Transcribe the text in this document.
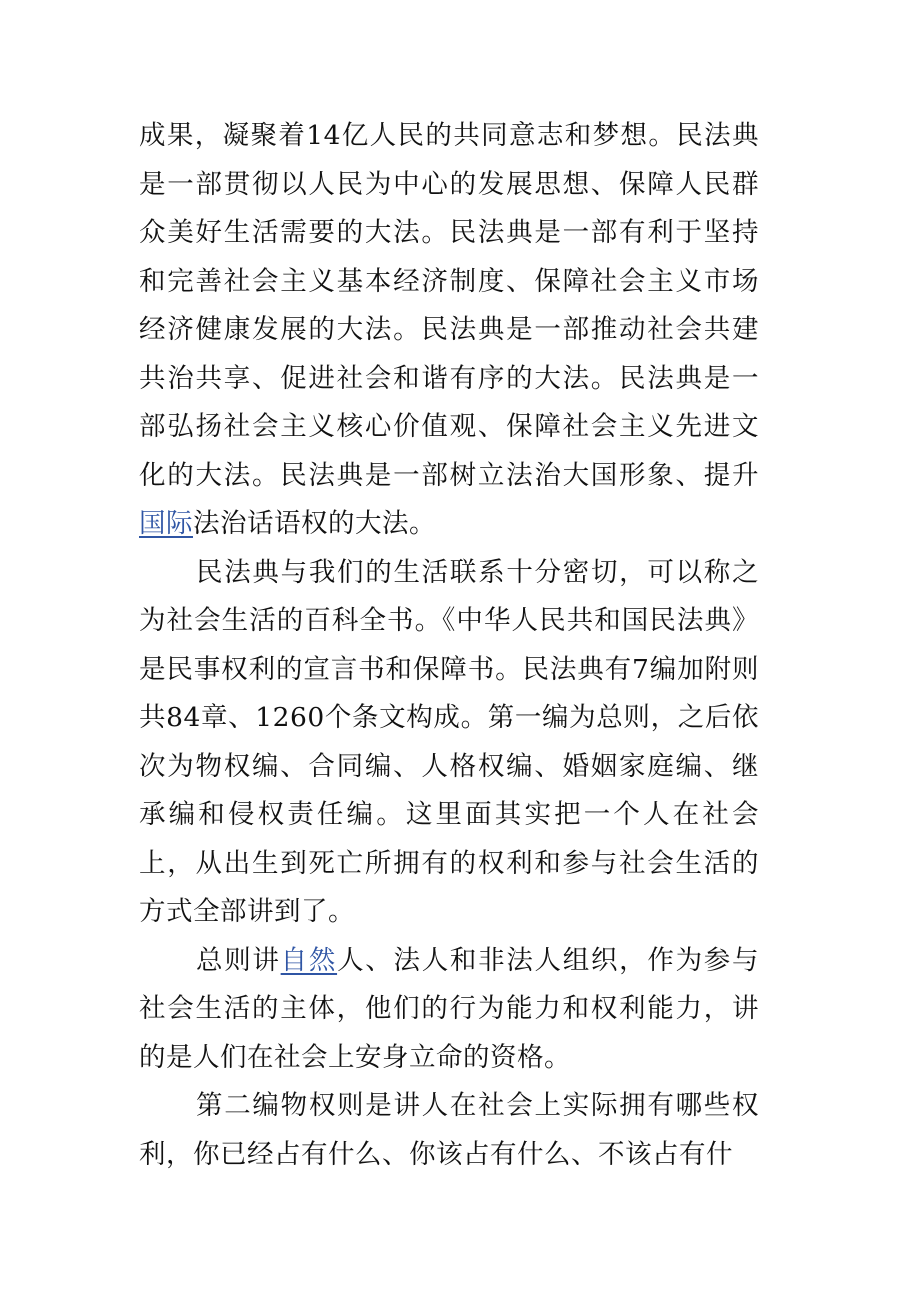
成果，凝聚着14亿人民的共同意志和梦想。民法典是一部贯彻以人民为中心的发展思想、保障人民群众美好生活需要的大法。民法典是一部有利于坚持和完善社会主义基本经济制度、保障社会主义市场经济健康发展的大法。民法典是一部推动社会共建共治共享、促进社会和谐有序的大法。民法典是一部弘扬社会主义核心价值观、保障社会主义先进文化的大法。民法典是一部树立法治大国形象、提升国际法治话语权的大法。

民法典与我们的生活联系十分密切，可以称之为社会生活的百科全书。《中华人民共和国民法典》是民事权利的宣言书和保障书。民法典有7编加附则共84章、1260个条文构成。第一编为总则，之后依次为物权编、合同编、人格权编、婚姻家庭编、继承编和侵权责任编。这里面其实把一个人在社会上，从出生到死亡所拥有的权利和参与社会生活的方式全部讲到了。

总则讲自然人、法人和非法人组织，作为参与社会生活的主体，他们的行为能力和权利能力，讲的是人们在社会上安身立命的资格。

第二编物权则是讲人在社会上实际拥有哪些权利，你已经占有什么、你该占有什么、不该占有什
